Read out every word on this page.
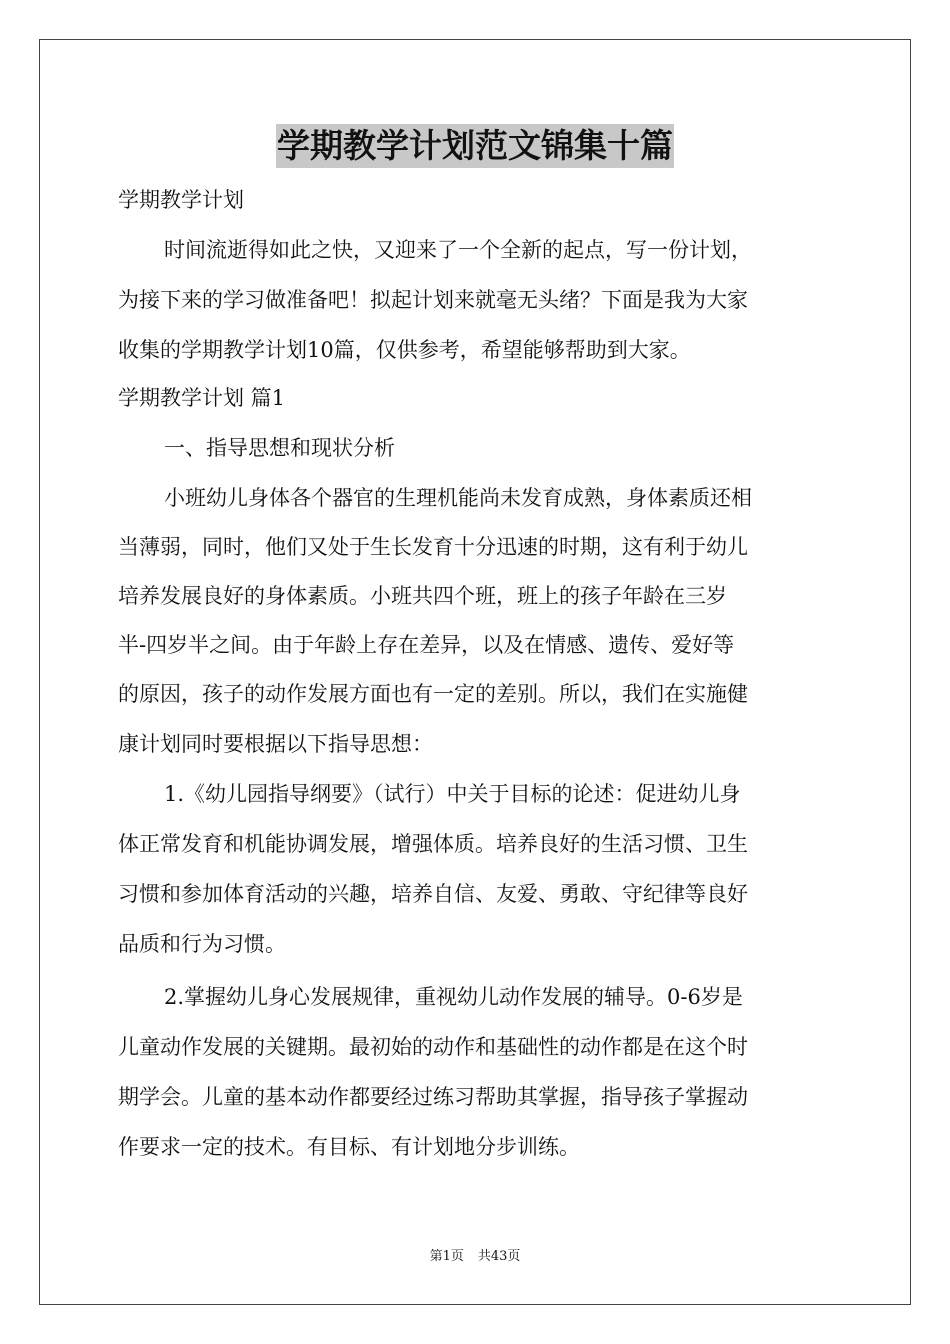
学期教学计划范文锦集十篇
学期教学计划
时间流逝得如此之快，又迎来了一个全新的起点，写一份计划，
为接下来的学习做准备吧！拟起计划来就毫无头绪？下面是我为大家
收集的学期教学计划10篇，仅供参考，希望能够帮助到大家。
学期教学计划 篇1
一、指导思想和现状分析
小班幼儿身体各个器官的生理机能尚未发育成熟，身体素质还相
当薄弱，同时，他们又处于生长发育十分迅速的时期，这有利于幼儿
培养发展良好的身体素质。小班共四个班，班上的孩子年龄在三岁
半-四岁半之间。由于年龄上存在差异，以及在情感、遗传、爱好等
的原因，孩子的动作发展方面也有一定的差别。所以，我们在实施健
康计划同时要根据以下指导思想：
1.《幼儿园指导纲要》（试行）中关于目标的论述：促进幼儿身
体正常发育和机能协调发展，增强体质。培养良好的生活习惯、卫生
习惯和参加体育活动的兴趣，培养自信、友爱、勇敢、守纪律等良好
品质和行为习惯。
2.掌握幼儿身心发展规律，重视幼儿动作发展的辅导。0-6岁是
儿童动作发展的关键期。最初始的动作和基础性的动作都是在这个时
期学会。儿童的基本动作都要经过练习帮助其掌握，指导孩子掌握动
作要求一定的技术。有目标、有计划地分步训练。
第1页 共43页
